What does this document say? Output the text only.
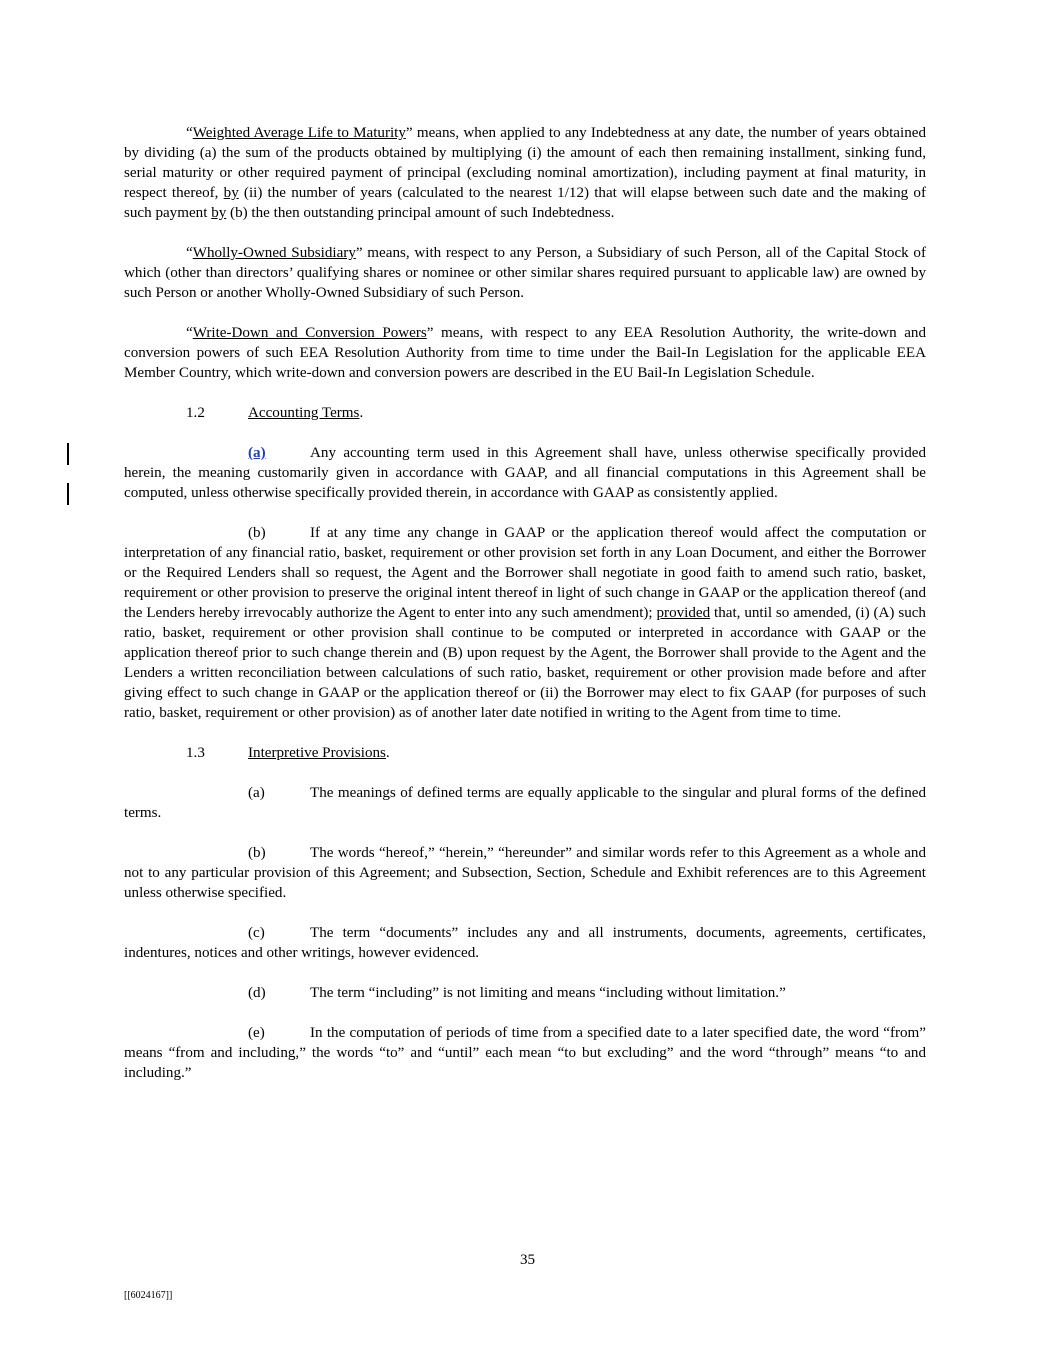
“Weighted Average Life to Maturity” means, when applied to any Indebtedness at any date, the number of years obtained by dividing (a) the sum of the products obtained by multiplying (i) the amount of each then remaining installment, sinking fund, serial maturity or other required payment of principal (excluding nominal amortization), including payment at final maturity, in respect thereof, by (ii) the number of years (calculated to the nearest 1/12) that will elapse between such date and the making of such payment by (b) the then outstanding principal amount of such Indebtedness.

“Wholly-Owned Subsidiary” means, with respect to any Person, a Subsidiary of such Person, all of the Capital Stock of which (other than directors’ qualifying shares or nominee or other similar shares required pursuant to applicable law) are owned by such Person or another Wholly-Owned Subsidiary of such Person.

“Write-Down and Conversion Powers” means, with respect to any EEA Resolution Authority, the write-down and conversion powers of such EEA Resolution Authority from time to time under the Bail-In Legislation for the applicable EEA Member Country, which write-down and conversion powers are described in the EU Bail-In Legislation Schedule.

1.2	Accounting Terms.

(a)	Any accounting term used in this Agreement shall have, unless otherwise specifically provided herein, the meaning customarily given in accordance with GAAP, and all financial computations in this Agreement shall be computed, unless otherwise specifically provided therein, in accordance with GAAP as consistently applied.

(b)	If at any time any change in GAAP or the application thereof would affect the computation or interpretation of any financial ratio, basket, requirement or other provision set forth in any Loan Document, and either the Borrower or the Required Lenders shall so request, the Agent and the Borrower shall negotiate in good faith to amend such ratio, basket, requirement or other provision to preserve the original intent thereof in light of such change in GAAP or the application thereof (and the Lenders hereby irrevocably authorize the Agent to enter into any such amendment); provided that, until so amended, (i) (A) such ratio, basket, requirement or other provision shall continue to be computed or interpreted in accordance with GAAP or the application thereof prior to such change therein and (B) upon request by the Agent, the Borrower shall provide to the Agent and the Lenders a written reconciliation between calculations of such ratio, basket, requirement or other provision made before and after giving effect to such change in GAAP or the application thereof or (ii) the Borrower may elect to fix GAAP (for purposes of such ratio, basket, requirement or other provision) as of another later date notified in writing to the Agent from time to time.

1.3	Interpretive Provisions.

(a)	The meanings of defined terms are equally applicable to the singular and plural forms of the defined terms.

(b)	The words “hereof,” “herein,” “hereunder” and similar words refer to this Agreement as a whole and not to any particular provision of this Agreement; and Subsection, Section, Schedule and Exhibit references are to this Agreement unless otherwise specified.

(c)	The term “documents” includes any and all instruments, documents, agreements, certificates, indentures, notices and other writings, however evidenced.

(d)	The term “including” is not limiting and means “including without limitation.”

(e)	In the computation of periods of time from a specified date to a later specified date, the word “from” means “from and including,” the words “to” and “until” each mean “to but excluding” and the word “through” means “to and including.”

35
[[6024167]]
